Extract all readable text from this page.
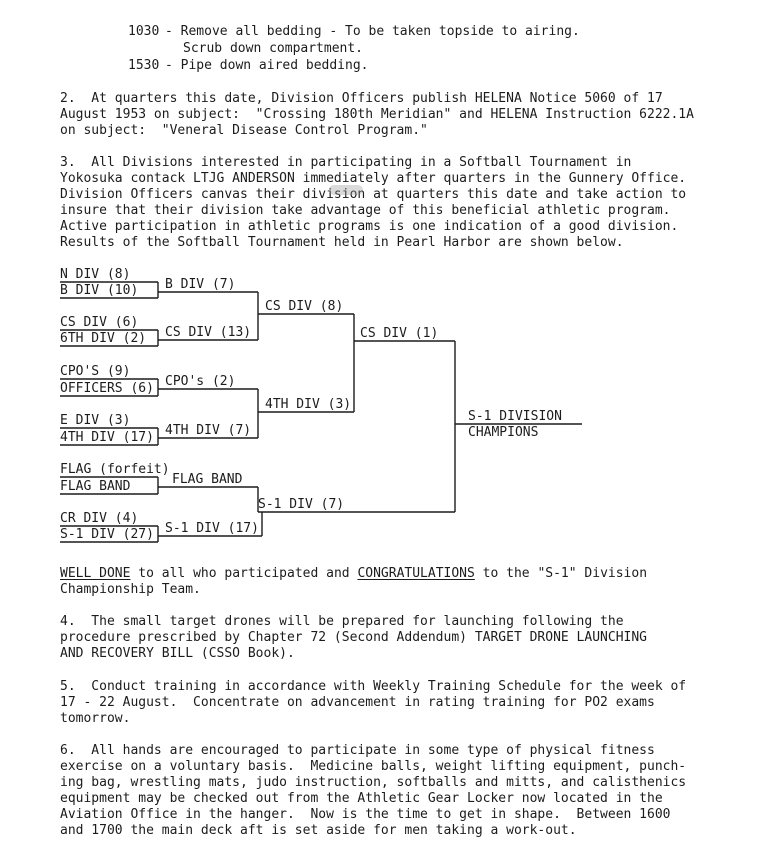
1030 - Remove all bedding - To be taken topside to airing.
Scrub down compartment.
1530 - Pipe down aired bedding.
2.  At quarters this date, Division Officers publish HELENA Notice 5060 of 17
August 1953 on subject:  "Crossing 180th Meridian" and HELENA Instruction 6222.1A
on subject:  "Veneral Disease Control Program."
3.  All Divisions interested in participating in a Softball Tournament in
Yokosuka contack LTJG ANDERSON immediately after quarters in the Gunnery Office.
Division Officers canvas their division at quarters this date and take action to
insure that their division take advantage of this beneficial athletic program.
Active participation in athletic programs is one indication of a good division.
Results of the Softball Tournament held in Pearl Harbor are shown below.
N DIV (8)
B DIV (10) B DIV (7)
CS DIV (6)
6TH DIV (2) CS DIV (13)
CPO'S (9)
OFFICERS (6) CPO's (2)
E DIV (3)
4TH DIV (17) 4TH DIV (7)
FLAG (forfeit)
FLAG BAND	FLAG BAND
CR DIV (4)
S-1 DIV (27) S-1 DIV (17)
CS DIV (8)
4TH DIV (3)
S-1 DIV (7)
CS DIV (1)
S-1 DIVISION
CHAMPIONS
WELL DONE to all who participated and CONGRATULATIONS to the "S-1" Division
Championship Team.
4.  The small target drones will be prepared for launching following the
procedure prescribed by Chapter 72 (Second Addendum) TARGET DRONE LAUNCHING
AND RECOVERY BILL (CSSO Book).
5.  Conduct training in accordance with Weekly Training Schedule for the week of
17 - 22 August.  Concentrate on advancement in rating training for PO2 exams
tomorrow.
6.  All hands are encouraged to participate in some type of physical fitness
exercise on a voluntary basis.  Medicine balls, weight lifting equipment, punch-
ing bag, wrestling mats, judo instruction, softballs and mitts, and calisthenics
equipment may be checked out from the Athletic Gear Locker now located in the
Aviation Office in the hanger.  Now is the time to get in shape.  Between 1600
and 1700 the main deck aft is set aside for men taking a work-out.
